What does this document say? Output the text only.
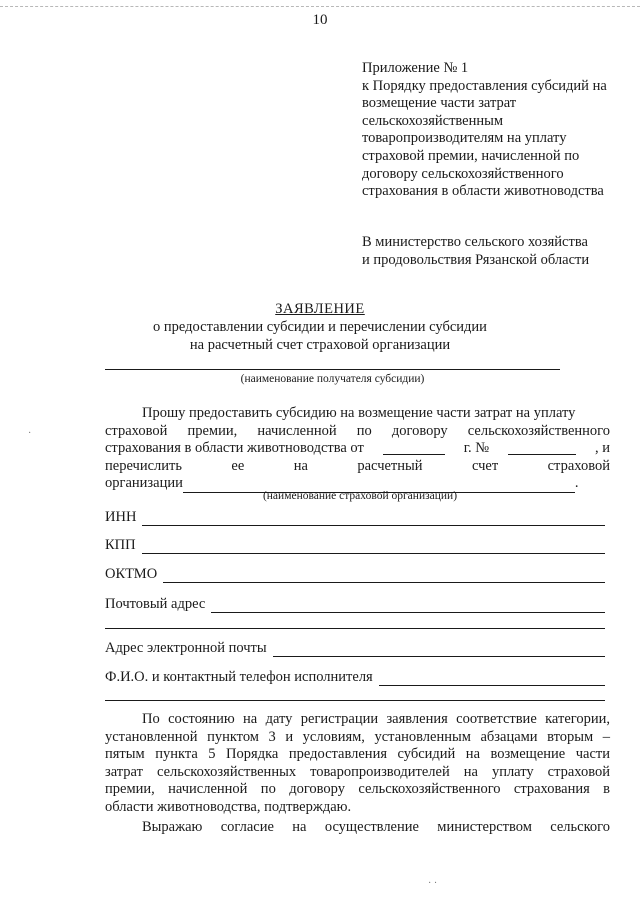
10
Приложение № 1
к Порядку предоставления субсидий на
возмещение части затрат
сельскохозяйственным
товаропроизводителям на уплату
страховой премии, начисленной по
договору сельскохозяйственного
страхования в области животноводства
В министерство сельского хозяйства
и продовольствия Рязанской области
ЗАЯВЛЕНИЕ
о предоставлении субсидии и перечислении субсидии
на расчетный счет страховой организации
(наименование получателя субсидии)
Прошу предоставить субсидию на возмещение части затрат на уплату
страховой премии, начисленной по договору сельскохозяйственного
страхования в области животноводства от	г. №	, и
перечислить	ее	на	расчетный	счет	страховой
организации	.
(наименование страховой организации)
ИНН
КПП
ОКТМО
Почтовый адрес
Адрес электронной почты
Ф.И.О. и контактный телефон исполнителя
По состоянию на дату регистрации заявления соответствие категории,
установленной пунктом 3 и условиям, установленным абзацами вторым –
пятым пункта 5 Порядка предоставления субсидий на возмещение части
затрат сельскохозяйственных товаропроизводителей на уплату страховой
премии, начисленной по договору сельскохозяйственного страхования в
области животноводства, подтверждаю.
Выражаю согласие на осуществление министерством сельского
·
· ·
